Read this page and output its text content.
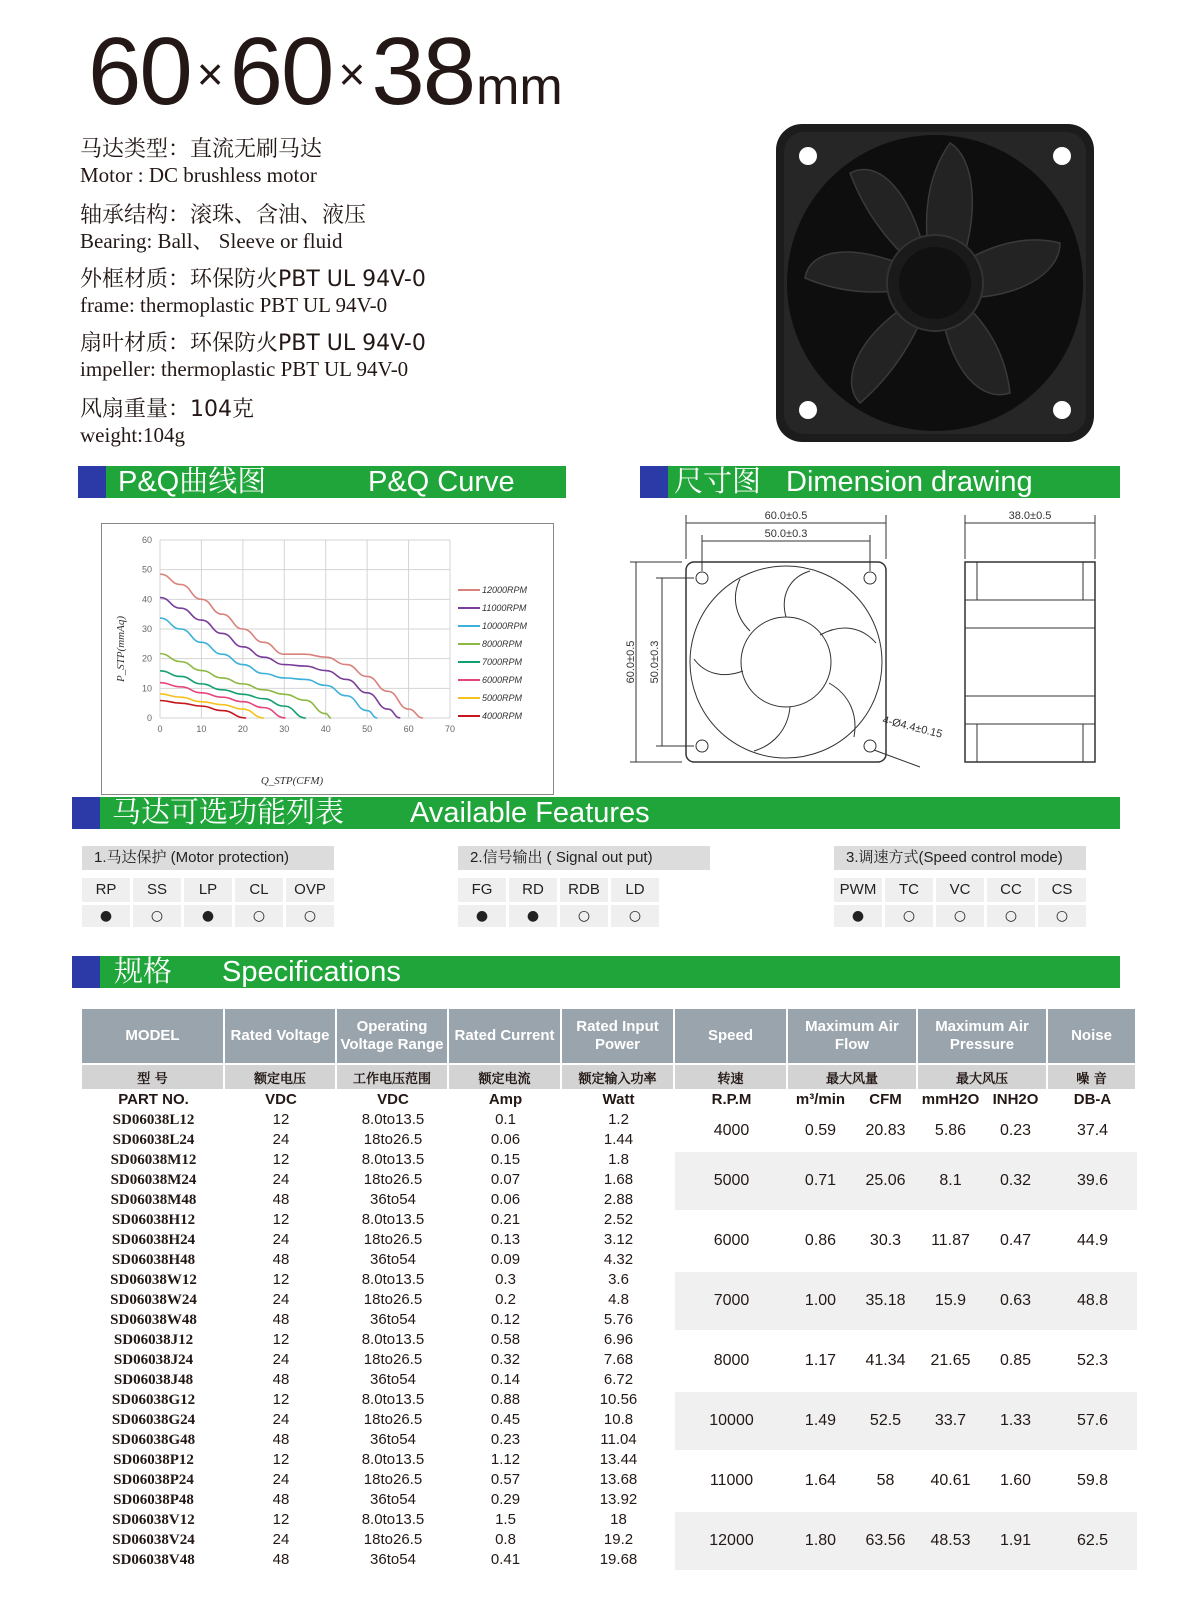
60 ×60 ×38mm
马达类型：直流无刷马达
Motor : DC brushless motor
轴承结构：滚珠、含油、液压
Bearing: Ball、 Sleeve or fluid
外框材质：环保防火PBT UL 94V-0
frame: thermoplastic PBT UL 94V-0
扇叶材质：环保防火PBT UL 94V-0
impeller: thermoplastic PBT UL 94V-0
风扇重量：104克
weight:104g
P&Q曲线图	P&Q Curve	尺寸图 Dimension drawing
0	10	20	30	40	50	60	70
0
10
20
30
40
50
60
12000RPM
11000RPM
10000RPM
8000RPM
7000RPM
6000RPM
5000RPM
4000RPM
P_STP(mmAq)
Q_STP(CFM)
60.0±0.5
50.0±0.3
38.0±0.5
60.0±0.5 50.0±0.3
4-Ø4.4±0.15
马达可选功能列表 Available Features
1.马达保护 (Motor protection)
RP
●
SS
○
LP
●
CL
○
OVP
○
2.信号输出 ( Signal out put)
FG
●
RD
●
RDB
○
LD
○
3.调速方式(Speed control mode)
PWM
●
TC
○
VC
○
CC
○
CS
○
规格 Specifications
MODEL	Rated Voltage	Operating Voltage Range	Rated Current	Rated Input Power	Speed	Maximum Air Flow		Maximum Air Pressure		Noise
型 号	额定电压	工作电压范围	额定电流	额定输入功率	转速	最大风量		最大风压		噪 音
PART NO.	VDC	VDC	Amp	Watt	R.P.M	m³/min	CFM	mmH2O	INH2O	DB-A
SD06038L12	12	8.0to13.5	0.1	1.2	4000	0.59	20.83	5.86	0.23	37.4
SD06038L24	24	18to26.5	0.06	1.44						
SD06038M12	12	8.0to13.5	0.15	1.8	5000	0.71	25.06	8.1	0.32	39.6
SD06038M24	24	18to26.5	0.07	1.68						
SD06038M48	48	36to54	0.06	2.88						
SD06038H12	12	8.0to13.5	0.21	2.52	6000	0.86	30.3	11.87	0.47	44.9
SD06038H24	24	18to26.5	0.13	3.12						
SD06038H48	48	36to54	0.09	4.32						
SD06038W12	12	8.0to13.5	0.3	3.6	7000	1.00	35.18	15.9	0.63	48.8
SD06038W24	24	18to26.5	0.2	4.8						
SD06038W48	48	36to54	0.12	5.76						
SD06038J12	12	8.0to13.5	0.58	6.96	8000	1.17	41.34	21.65	0.85	52.3
SD06038J24	24	18to26.5	0.32	7.68						
SD06038J48	48	36to54	0.14	6.72						
SD06038G12	12	8.0to13.5	0.88	10.56	10000	1.49	52.5	33.7	1.33	57.6
SD06038G24	24	18to26.5	0.45	10.8						
SD06038G48	48	36to54	0.23	11.04						
SD06038P12	12	8.0to13.5	1.12	13.44	11000	1.64	58	40.61	1.60	59.8
SD06038P24	24	18to26.5	0.57	13.68						
SD06038P48	48	36to54	0.29	13.92						
SD06038V12	12	8.0to13.5	1.5	18	12000	1.80	63.56	48.53	1.91	62.5
SD06038V24	24	18to26.5	0.8	19.2						
SD06038V48	48	36to54	0.41	19.68						
